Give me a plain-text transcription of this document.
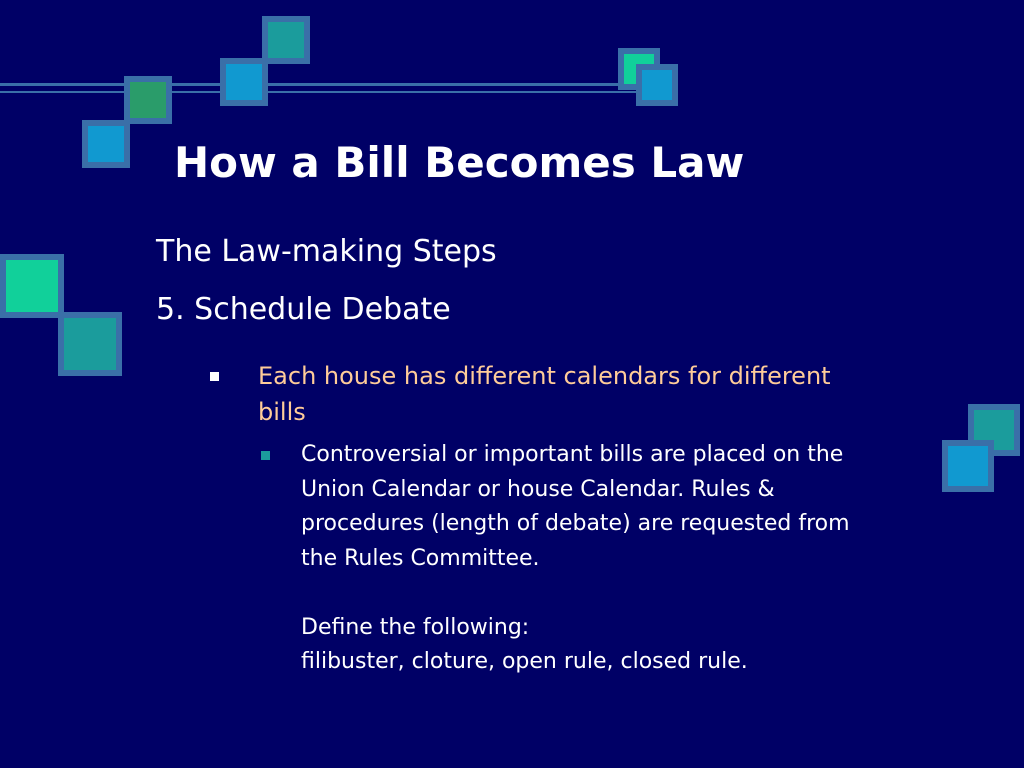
How a Bill Becomes Law

The Law-making Steps

5. Schedule Debate

Each house has different calendars for different
bills
Controversial or important bills are placed on the
Union Calendar or house Calendar. Rules &
procedures (length of debate) are requested from
the Rules Committee.
Define the following:
filibuster, cloture, open rule, closed rule.
